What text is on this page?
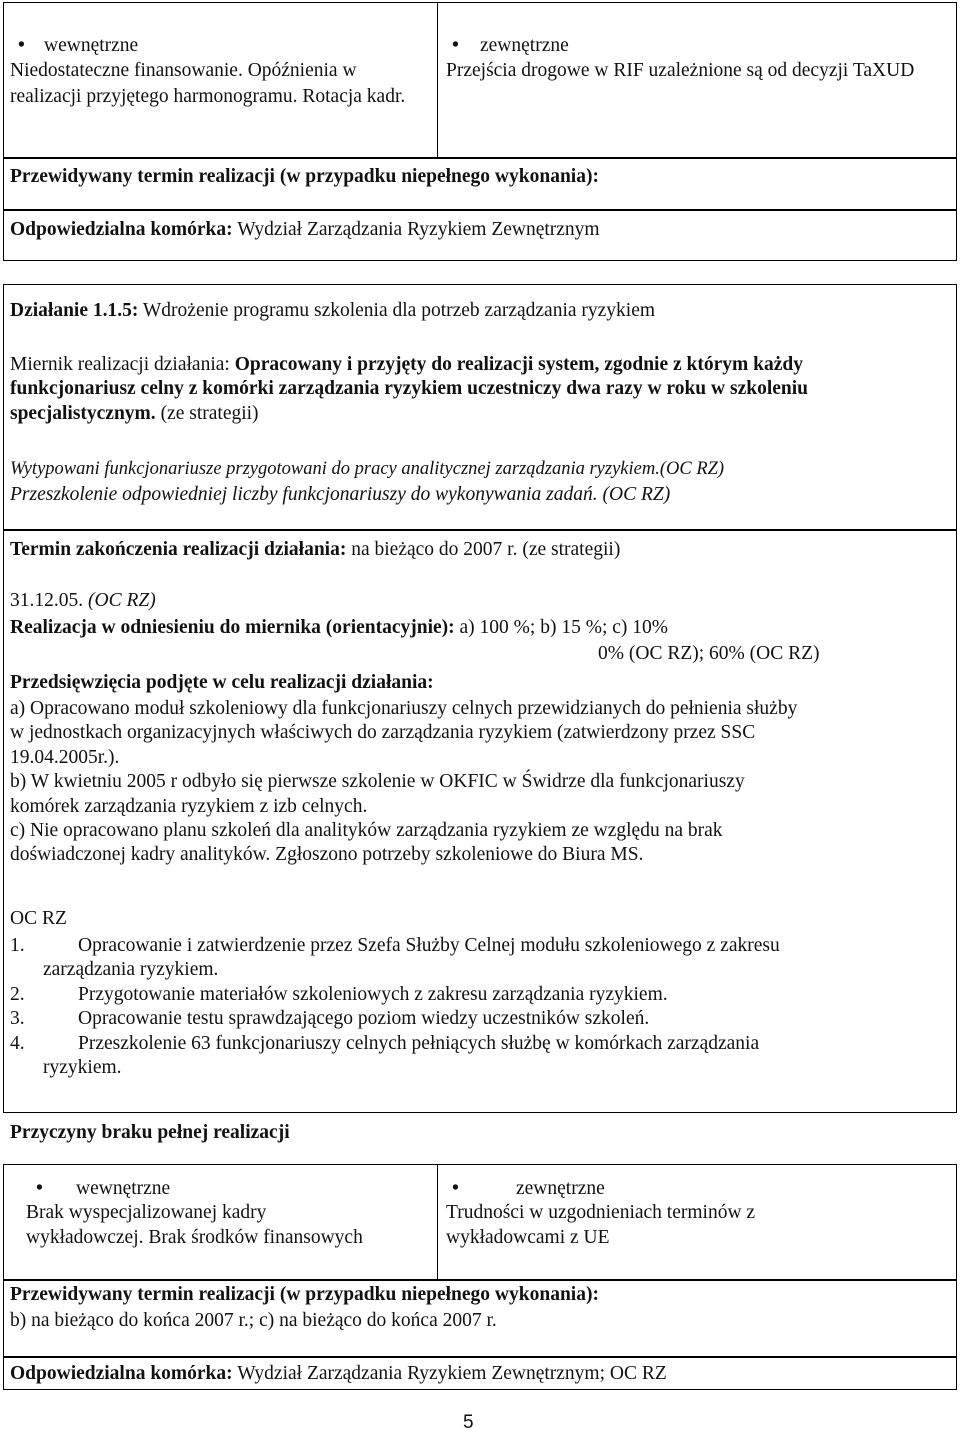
• wewnętrzne

Niedostateczne finansowanie. Opóźnienia w realizacji przyjętego harmonogramu. Rotacja kadr.

• zewnętrzne

Przejścia drogowe w RIF uzależnione są od decyzji TaXUD

Przewidywany termin realizacji (w przypadku niepełnego wykonania):

Odpowiedzialna komórka: Wydział Zarządzania Ryzykiem Zewnętrznym

Działanie 1.1.5: Wdrożenie programu szkolenia dla potrzeb zarządzania ryzykiem

Miernik realizacji działania: Opracowany i przyjęty do realizacji system, zgodnie z którym każdy

funkcjonariusz celny z komórki zarządzania ryzykiem uczestniczy dwa razy w roku w szkoleniu

specjalistycznym. (ze strategii)

Wytypowani funkcjonariusze przygotowani do pracy analitycznej zarządzania ryzykiem.(OC RZ)

Przeszkolenie odpowiedniej liczby funkcjonariuszy do wykonywania zadań. (OC RZ)

Termin zakończenia realizacji działania: na bieżąco do 2007 r. (ze strategii)

31.12.05. (OC RZ)

Realizacja w odniesieniu do miernika (orientacyjnie): a) 100 %; b) 15 %; c) 10%

0% (OC RZ); 60% (OC RZ)

Przedsięwzięcia podjęte w celu realizacji działania:

a) Opracowano moduł szkoleniowy dla funkcjonariuszy celnych przewidzianych do pełnienia służby

w jednostkach organizacyjnych właściwych do zarządzania ryzykiem (zatwierdzony przez SSC

19.04.2005r.).

b) W kwietniu 2005 r odbyło się pierwsze szkolenie w OKFIC w Świdrze dla funkcjonariuszy

komórek zarządzania ryzykiem z izb celnych.

c) Nie opracowano planu szkoleń dla analityków zarządzania ryzykiem ze względu na brak

doświadczonej kadry analityków. Zgłoszono potrzeby szkoleniowe do Biura MS.

OC RZ

1.	Opracowanie i zatwierdzenie przez Szefa Służby Celnej modułu szkoleniowego z zakresu

zarządzania ryzykiem.

2.	Przygotowanie materiałów szkoleniowych z zakresu zarządzania ryzykiem.

3.	Opracowanie testu sprawdzającego poziom wiedzy uczestników szkoleń.

4.	Przeszkolenie 63 funkcjonariuszy celnych pełniących służbę w komórkach zarządzania

ryzykiem.

Przyczyny braku pełnej realizacji

• wewnętrzne

Brak wyspecjalizowanej kadry

wykładowczej. Brak środków finansowych

•	zewnętrzne

Trudności w uzgodnieniach terminów z

wykładowcami z UE

Przewidywany termin realizacji (w przypadku niepełnego wykonania):

b) na bieżąco do końca 2007 r.; c) na bieżąco do końca 2007 r.

Odpowiedzialna komórka: Wydział Zarządzania Ryzykiem Zewnętrznym; OC RZ

5
